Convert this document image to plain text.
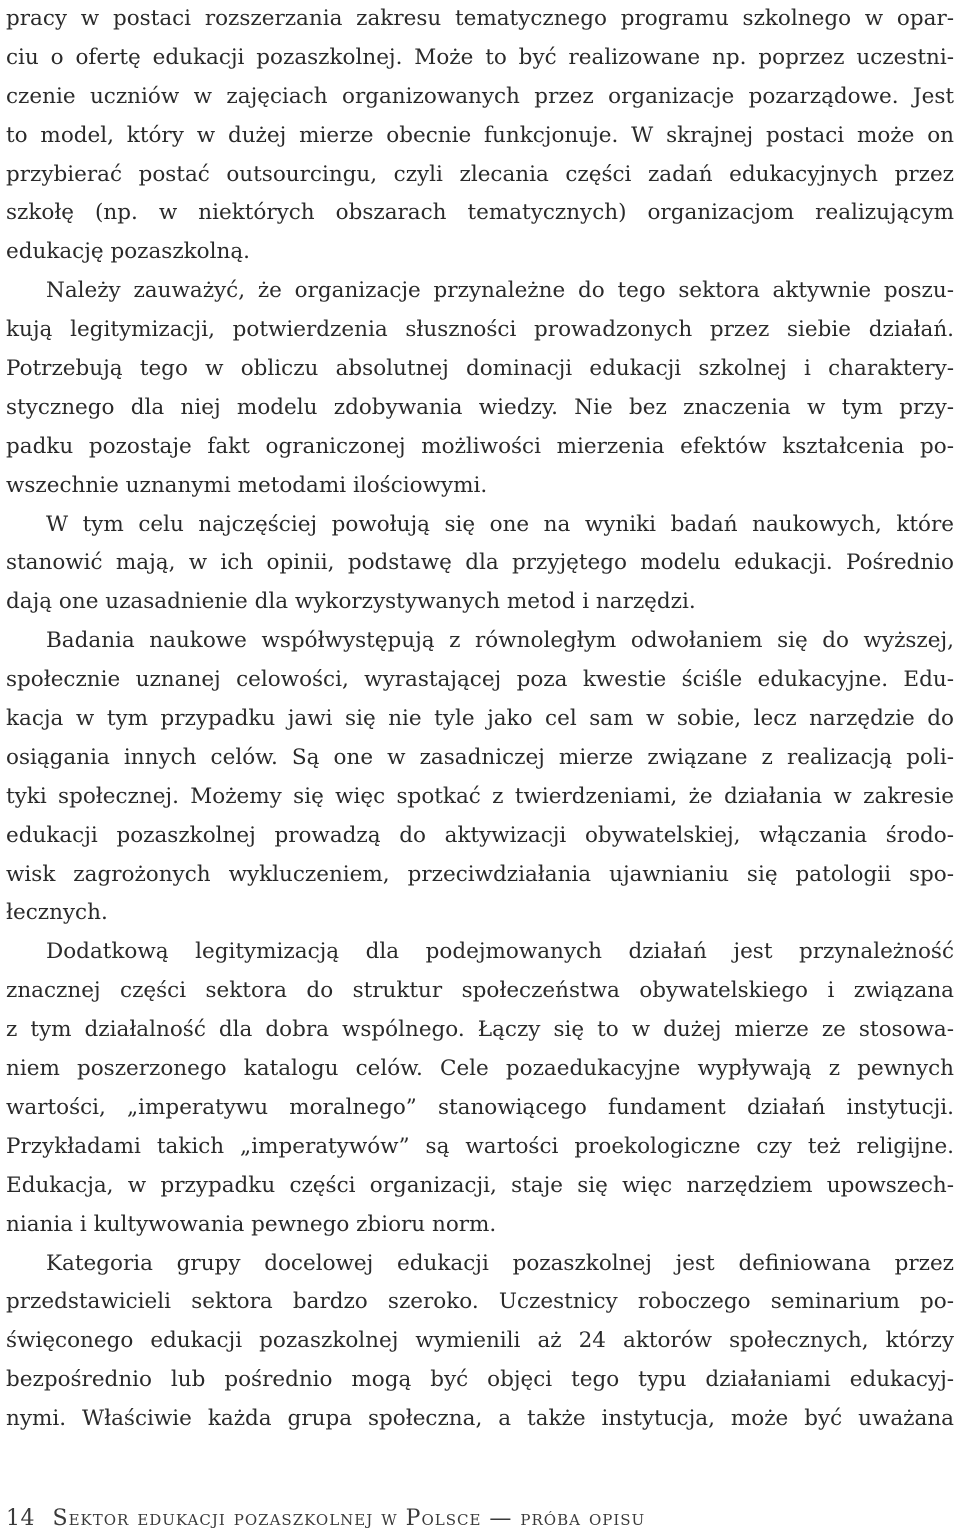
pracy w postaci rozszerzania zakresu tematycznego programu szkolnego w opar-
ciu o ofertę edukacji pozaszkolnej. Może to być realizowane np. poprzez uczestni-
czenie uczniów w zajęciach organizowanych przez organizacje pozarządowe. Jest
to model, który w dużej mierze obecnie funkcjonuje. W skrajnej postaci może on
przybierać postać outsourcingu, czyli zlecania części zadań edukacyjnych przez
szkołę (np. w niektórych obszarach tematycznych) organizacjom realizującym
edukację pozaszkolną.
Należy zauważyć, że organizacje przynależne do tego sektora aktywnie poszu-
kują legitymizacji, potwierdzenia słuszności prowadzonych przez siebie działań.
Potrzebują tego w obliczu absolutnej dominacji edukacji szkolnej i charaktery-
stycznego dla niej modelu zdobywania wiedzy. Nie bez znaczenia w tym przy-
padku pozostaje fakt ograniczonej możliwości mierzenia efektów kształcenia po-
wszechnie uznanymi metodami ilościowymi.
W tym celu najczęściej powołują się one na wyniki badań naukowych, które
stanowić mają, w ich opinii, podstawę dla przyjętego modelu edukacji. Pośrednio
dają one uzasadnienie dla wykorzystywanych metod i narzędzi.
Badania naukowe współwystępują z równoległym odwołaniem się do wyższej,
społecznie uznanej celowości, wyrastającej poza kwestie ściśle edukacyjne. Edu-
kacja w tym przypadku jawi się nie tyle jako cel sam w sobie, lecz narzędzie do
osiągania innych celów. Są one w zasadniczej mierze związane z realizacją poli-
tyki społecznej. Możemy się więc spotkać z twierdzeniami, że działania w zakresie
edukacji pozaszkolnej prowadzą do aktywizacji obywatelskiej, włączania środo-
wisk zagrożonych wykluczeniem, przeciwdziałania ujawnianiu się patologii spo-
łecznych.
Dodatkową legitymizacją dla podejmowanych działań jest przynależność
znacznej części sektora do struktur społeczeństwa obywatelskiego i związana
z tym działalność dla dobra wspólnego. Łączy się to w dużej mierze ze stosowa-
niem poszerzonego katalogu celów. Cele pozaedukacyjne wypływają z pewnych
wartości, „imperatywu moralnego” stanowiącego fundament działań instytucji.
Przykładami takich „imperatywów” są wartości proekologiczne czy też religijne.
Edukacja, w przypadku części organizacji, staje się więc narzędziem upowszech-
niania i kultywowania pewnego zbioru norm.
Kategoria grupy docelowej edukacji pozaszkolnej jest definiowana przez
przedstawicieli sektora bardzo szeroko. Uczestnicy roboczego seminarium po-
święconego edukacji pozaszkolnej wymienili aż 24 aktorów społecznych, którzy
bezpośrednio lub pośrednio mogą być objęci tego typu działaniami edukacyj-
nymi. Właściwie każda grupa społeczna, a także instytucja, może być uważana
14 Sektor edukacji pozaszkolnej w Polsce — próba opisu
